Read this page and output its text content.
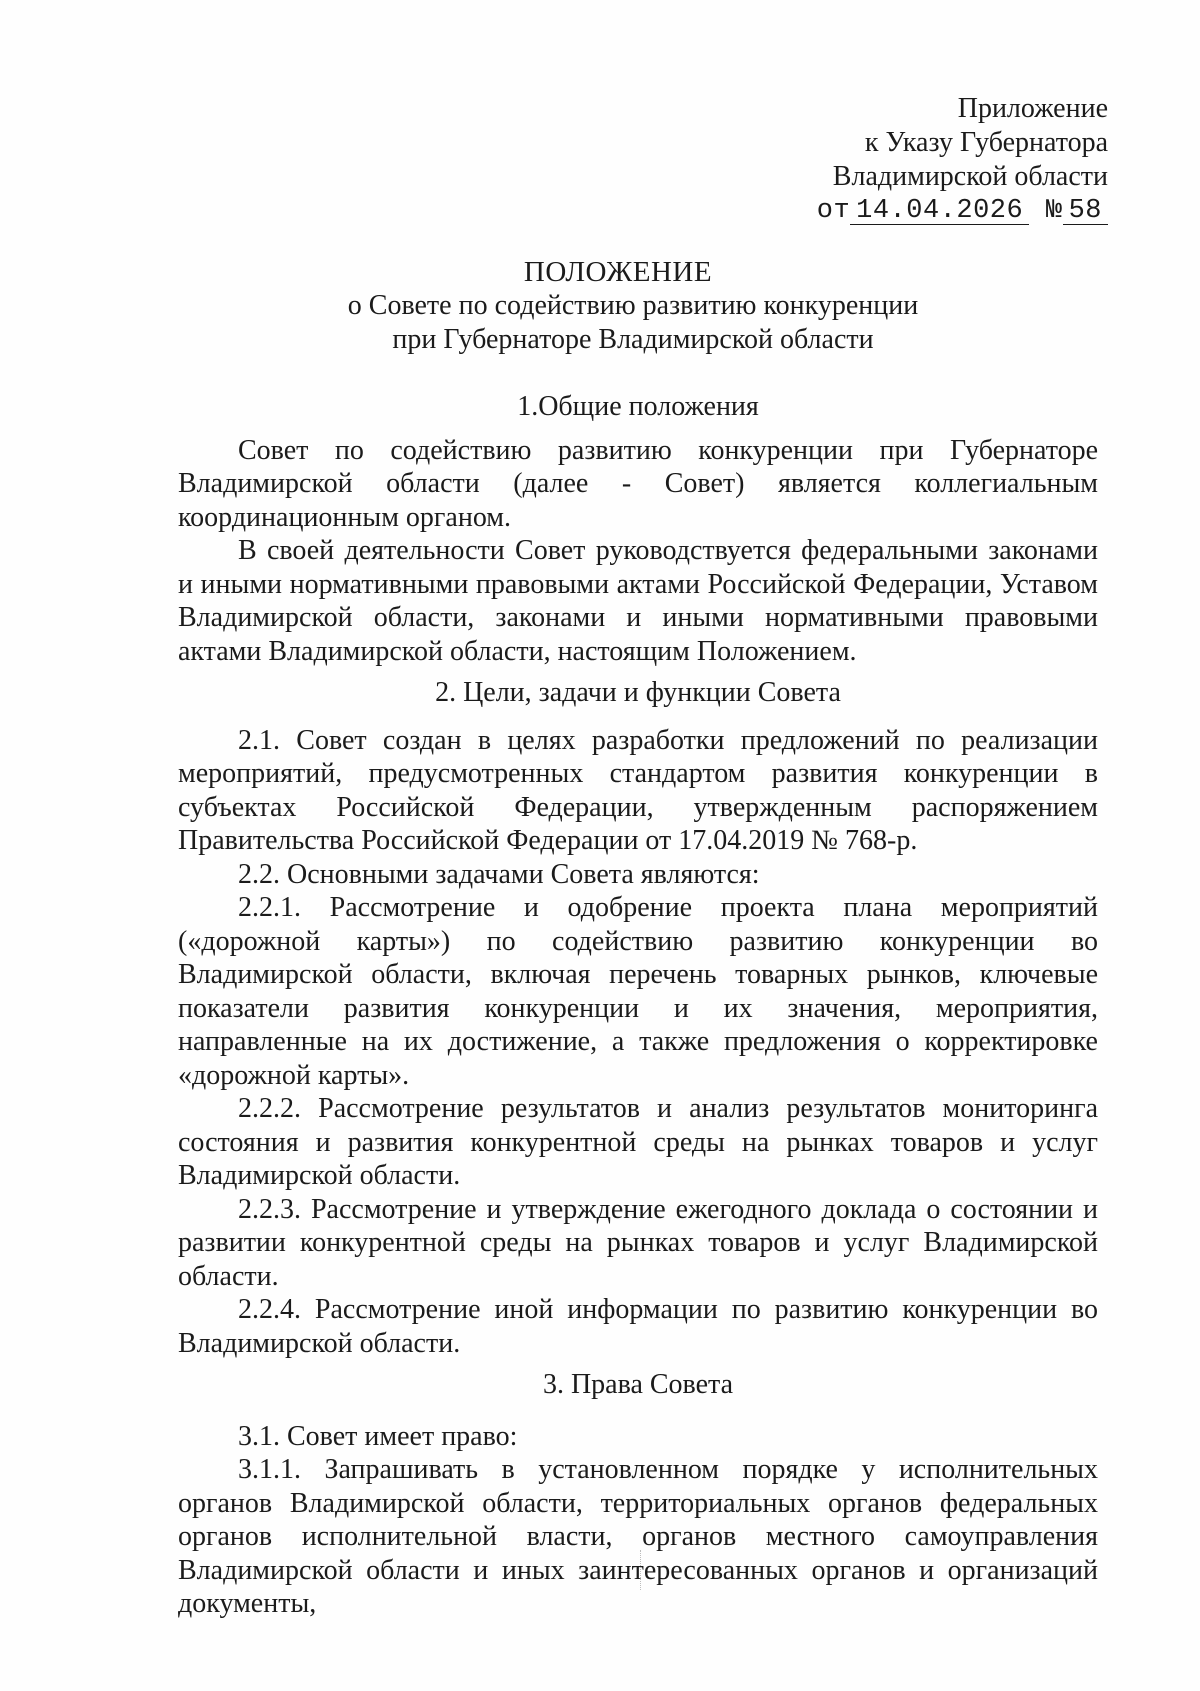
Приложение
к Указу Губернатора
Владимирской области
от 14.04.2026 № 58
ПОЛОЖЕНИЕ
о Совете по содействию развитию конкуренции
при Губернаторе Владимирской области
1.Общие положения

Совет по содействию развитию конкуренции при Губернаторе Владимирской области (далее - Совет) является коллегиальным координационным органом.

В своей деятельности Совет руководствуется федеральными законами и иными нормативными правовыми актами Российской Федерации, Уставом Владимирской области, законами и иными нормативными правовыми актами Владимирской области, настоящим Положением.

2. Цели, задачи и функции Совета

2.1. Совет создан в целях разработки предложений по реализации мероприятий, предусмотренных стандартом развития конкуренции в субъектах Российской Федерации, утвержденным распоряжением Правительства Российской Федерации от 17.04.2019 № 768-р.

2.2. Основными задачами Совета являются:

2.2.1. Рассмотрение и одобрение проекта плана мероприятий («дорожной карты») по содействию развитию конкуренции во Владимирской области, включая перечень товарных рынков, ключевые показатели развития конкуренции и их значения, мероприятия, направленные на их достижение, а также предложения о корректировке «дорожной карты».

2.2.2. Рассмотрение результатов и анализ результатов мониторинга состояния и развития конкурентной среды на рынках товаров и услуг Владимирской области.

2.2.3. Рассмотрение и утверждение ежегодного доклада о состоянии и развитии конкурентной среды на рынках товаров и услуг Владимирской области.

2.2.4. Рассмотрение иной информации по развитию конкуренции во Владимирской области.

3. Права Совета

3.1. Совет имеет право:

3.1.1. Запрашивать в установленном порядке у исполнительных органов Владимирской области, территориальных органов федеральных органов исполнительной власти, органов местного самоуправления Владимирской области и иных заинтересованных органов и организаций документы,
